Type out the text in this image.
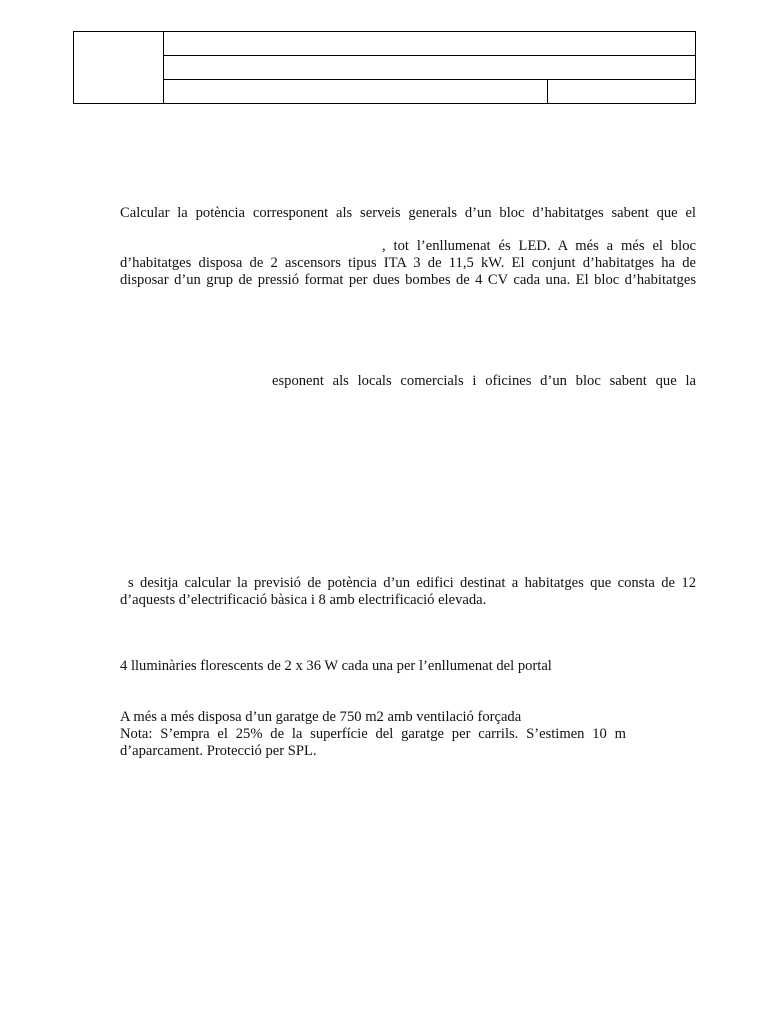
Calcular la potència corresponent als serveis generals d’un bloc d’habitatges sabent que el
, tot l’enllumenat és LED. A més a més el bloc
d’habitatges disposa de 2 ascensors tipus ITA 3 de 11,5 kW. El conjunt d’habitatges ha de
disposar d’un grup de pressió format per dues bombes de 4 CV cada una. El bloc d’habitatges
esponent als locals comercials i oficines d’un bloc sabent que la
s desitja calcular la previsió de potència d’un edifici destinat a habitatges que consta de 12
d’aquests d’electrificació bàsica i 8 amb electrificació elevada.
4 lluminàries florescents de 2 x 36 W cada una per l’enllumenat del portal
A més a més disposa d’un garatge de 750 m2 amb ventilació forçada
Nota: S’empra el 25% de la superfície del garatge per carrils. S’estimen 10 m
d’aparcament. Protecció per SPL.
